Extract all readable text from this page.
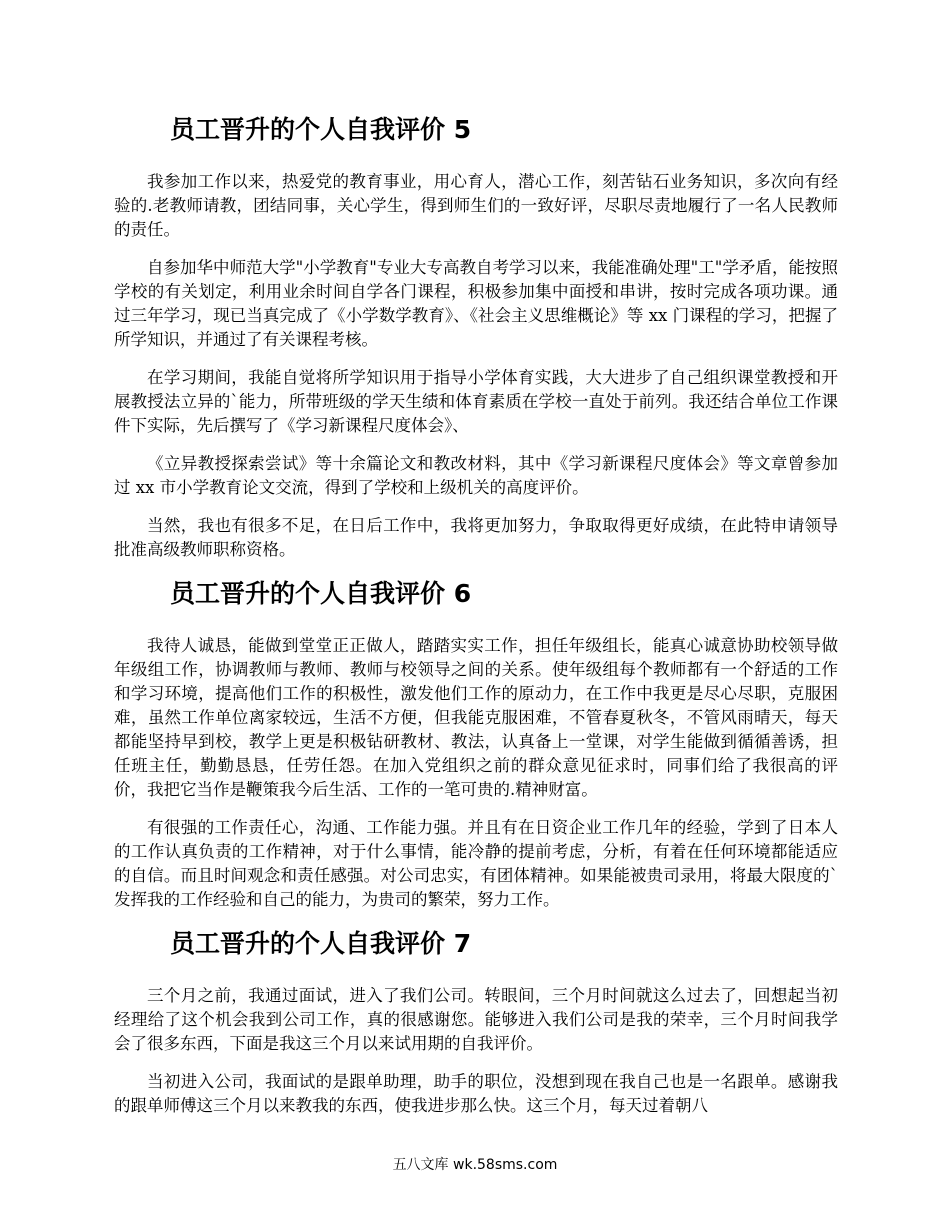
员工晋升的个人自我评价 5

我参加工作以来，热爱党的教育事业，用心育人，潜心工作，刻苦钻石业务知识，多次向有经验的.老教师请教，团结同事，关心学生，得到师生们的一致好评，尽职尽责地履行了一名人民教师的责任。

自参加华中师范大学"小学教育"专业大专高教自考学习以来，我能准确处理"工"学矛盾，能按照学校的有关划定，利用业余时间自学各门课程，积极参加集中面授和串讲，按时完成各项功课。通过三年学习，现已当真完成了《小学数学教育》、《社会主义思维概论》等 xx 门课程的学习，把握了所学知识，并通过了有关课程考核。

在学习期间，我能自觉将所学知识用于指导小学体育实践，大大进步了自己组织课堂教授和开展教授法立异的`能力，所带班级的学天生绩和体育素质在学校一直处于前列。我还结合单位工作课件下实际，先后撰写了《学习新课程尺度体会》、

《立异教授探索尝试》等十余篇论文和教改材料，其中《学习新课程尺度体会》等文章曾参加过 xx 市小学教育论文交流，得到了学校和上级机关的高度评价。

当然，我也有很多不足，在日后工作中，我将更加努力，争取取得更好成绩，在此特申请领导批准高级教师职称资格。

员工晋升的个人自我评价 6

我待人诚恳，能做到堂堂正正做人，踏踏实实工作，担任年级组长，能真心诚意协助校领导做年级组工作，协调教师与教师、教师与校领导之间的关系。使年级组每个教师都有一个舒适的工作和学习环境，提高他们工作的积极性，激发他们工作的原动力，在工作中我更是尽心尽职，克服困难，虽然工作单位离家较远，生活不方便，但我能克服困难，不管春夏秋冬，不管风雨晴天，每天都能坚持早到校，教学上更是积极钻研教材、教法，认真备上一堂课，对学生能做到循循善诱，担任班主任，勤勤恳恳，任劳任怨。在加入党组织之前的群众意见征求时，同事们给了我很高的评价，我把它当作是鞭策我今后生活、工作的一笔可贵的.精神财富。

有很强的工作责任心，沟通、工作能力强。并且有在日资企业工作几年的经验，学到了日本人的工作认真负责的工作精神，对于什么事情，能冷静的提前考虑，分析，有着在任何环境都能适应的自信。而且时间观念和责任感强。对公司忠实，有团体精神。如果能被贵司录用，将最大限度的`发挥我的工作经验和自己的能力，为贵司的繁荣，努力工作。

员工晋升的个人自我评价 7

三个月之前，我通过面试，进入了我们公司。转眼间，三个月时间就这么过去了，回想起当初经理给了这个机会我到公司工作，真的很感谢您。能够进入我们公司是我的荣幸，三个月时间我学会了很多东西，下面是我这三个月以来试用期的自我评价。

当初进入公司，我面试的是跟单助理，助手的职位，没想到现在我自己也是一名跟单。感谢我的跟单师傅这三个月以来教我的东西，使我进步那么快。这三个月，每天过着朝八

五八文库 wk.58sms.com
